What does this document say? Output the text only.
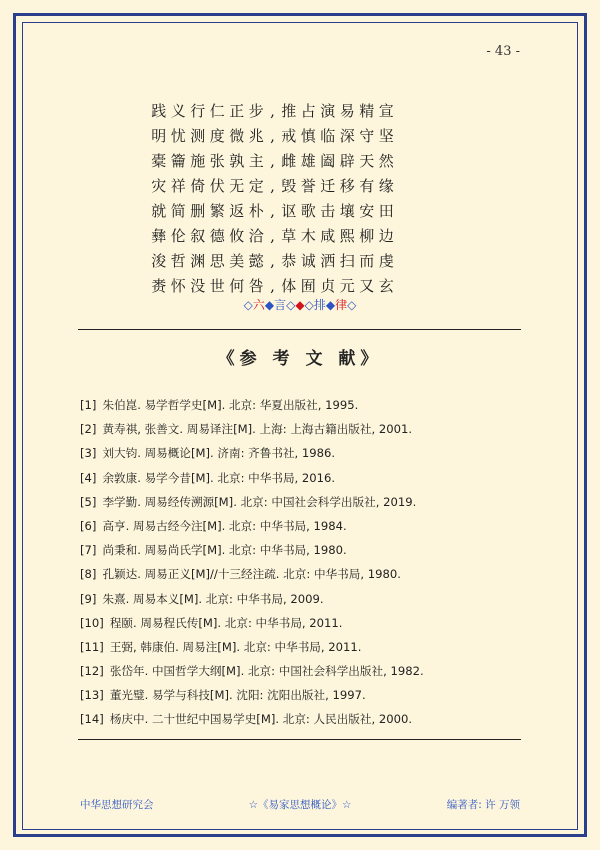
- 43 -
践 义 行 仁 正 步 , 推 占 演 易 精 宣
明 忧 测 度 微 兆 , 戒 慎 临 深 守 坚
橐 籥 施 张 孰 主 , 雌 雄 阖 辟 天 然
灾 祥 倚 伏 无 定 , 毁 誉 迁 移 有 缘
就 简 删 繁 返 朴 , 讴 歌 击 壤 安 田
彝 伦 叙 德 攸 洽 , 草 木 咸 熙 柳 边
浚 哲 渊 思 美 懿 , 恭 诚 洒 扫 而 虔
赉 怀 没 世 何 咎 , 体 囿 贞 元 又 玄
◇六◆言◇◆◇排◆律◇
《参 考 文 献》
[1] 朱伯崑. 易学哲学史[M]. 北京: 华夏出版社, 1995.
[2] 黄寿祺, 张善文. 周易译注[M]. 上海: 上海古籍出版社, 2001.
[3] 刘大钧. 周易概论[M]. 济南: 齐鲁书社, 1986.
[4] 余敦康. 易学今昔[M]. 北京: 中华书局, 2016.
[5] 李学勤. 周易经传溯源[M]. 北京: 中国社会科学出版社, 2019.
[6] 高亨. 周易古经今注[M]. 北京: 中华书局, 1984.
[7] 尚秉和. 周易尚氏学[M]. 北京: 中华书局, 1980.
[8] 孔颖达. 周易正义[M]//十三经注疏. 北京: 中华书局, 1980.
[9] 朱熹. 周易本义[M]. 北京: 中华书局, 2009.
[10] 程颐. 周易程氏传[M]. 北京: 中华书局, 2011.
[11] 王弼, 韩康伯. 周易注[M]. 北京: 中华书局, 2011.
[12] 张岱年. 中国哲学大纲[M]. 北京: 中国社会科学出版社, 1982.
[13] 董光璧. 易学与科技[M]. 沈阳: 沈阳出版社, 1997.
[14] 杨庆中. 二十世纪中国易学史[M]. 北京: 人民出版社, 2000.
中华思想研究会	☆《易家思想概论》☆	编著者: 许 万领
